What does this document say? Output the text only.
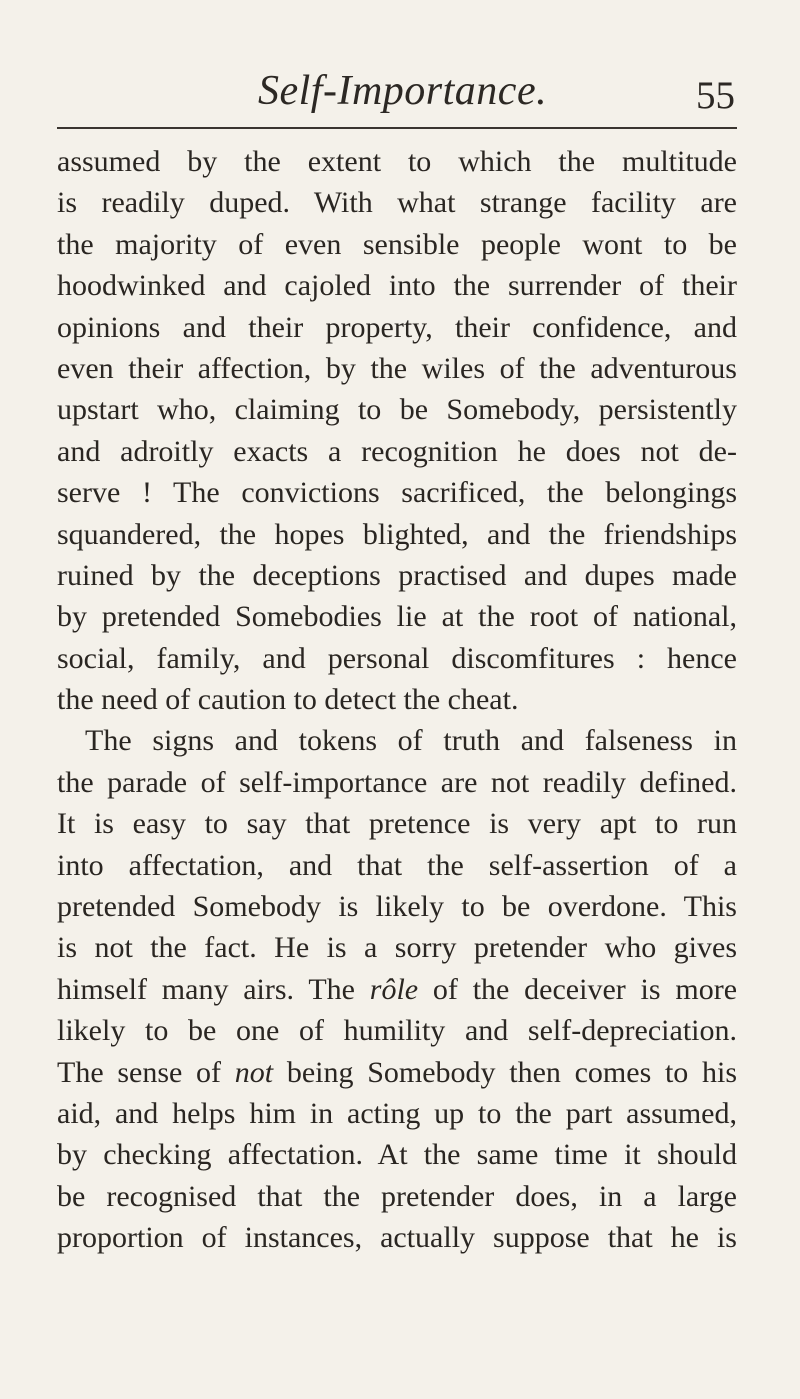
Self-Importance.	55
assumed by the extent to which the multitude
is readily duped. With what strange facility are
the majority of even sensible people wont to be
hoodwinked and cajoled into the surrender of their
opinions and their property, their confidence, and
even their affection, by the wiles of the adventurous
upstart who, claiming to be Somebody, persistently
and adroitly exacts a recognition he does not de-
serve ! The convictions sacrificed, the belongings
squandered, the hopes blighted, and the friendships
ruined by the deceptions practised and dupes made
by pretended Somebodies lie at the root of national,
social, family, and personal discomfitures : hence
the need of caution to detect the cheat.
The signs and tokens of truth and falseness in
the parade of self-importance are not readily defined.
It is easy to say that pretence is very apt to run
into affectation, and that the self-assertion of a
pretended Somebody is likely to be overdone. This
is not the fact. He is a sorry pretender who gives
himself many airs. The rôle of the deceiver is more
likely to be one of humility and self-depreciation.
The sense of not being Somebody then comes to his
aid, and helps him in acting up to the part assumed,
by checking affectation. At the same time it should
be recognised that the pretender does, in a large
proportion of instances, actually suppose that he is
